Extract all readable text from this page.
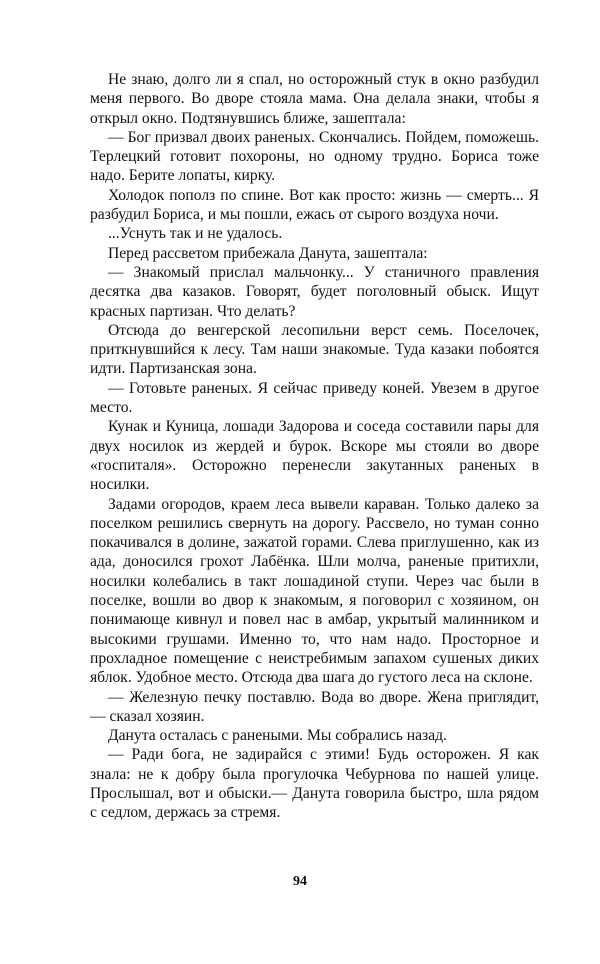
Не знаю, долго ли я спал, но осторожный стук в окно разбудил меня первого. Во дворе стояла мама. Она делала знаки, чтобы я открыл окно. Подтянувшись ближе, зашептала:

— Бог призвал двоих раненых. Скончались. Пойдем, поможешь. Терлецкий готовит похороны, но одному трудно. Бориса тоже надо. Берите лопаты, кирку.

Холодок пополз по спине. Вот как просто: жизнь — смерть... Я разбудил Бориса, и мы пошли, ежась от сырого воздуха ночи.

...Уснуть так и не удалось.

Перед рассветом прибежала Данута, зашептала:

— Знакомый прислал мальчонку... У станичного правления десятка два казаков. Говорят, будет поголовный обыск. Ищут красных партизан. Что делать?

Отсюда до венгерской лесопильни верст семь. Поселочек, приткнувшийся к лесу. Там наши знакомые. Туда казаки побоятся идти. Партизанская зона.

— Готовьте раненых. Я сейчас приведу коней. Увезем в другое место.

Кунак и Куница, лошади Задорова и соседа составили пары для двух носилок из жердей и бурок. Вскоре мы стояли во дворе «госпиталя». Осторожно перенесли закутанных раненых в носилки.

Задами огородов, краем леса вывели караван. Только далеко за поселком решились свернуть на дорогу. Рассвело, но туман сонно покачивался в долине, зажатой горами. Слева приглушенно, как из ада, доносился грохот Лабёнка. Шли молча, раненые притихли, носилки колебались в такт лошадиной ступи. Через час были в поселке, вошли во двор к знакомым, я поговорил с хозяином, он понимающе кивнул и повел нас в амбар, укрытый малинником и высокими грушами. Именно то, что нам надо. Просторное и прохладное помещение с неистребимым запахом сушеных диких яблок. Удобное место. Отсюда два шага до густого леса на склоне.

— Железную печку поставлю. Вода во дворе. Жена приглядит,— сказал хозяин.

Данута осталась с ранеными. Мы собрались назад.

— Ради бога, не задирайся с этими! Будь осторожен. Я как знала: не к добру была прогулочка Чебурнова по нашей улице. Прослышал, вот и обыски.— Данута говорила быстро, шла рядом с седлом, держась за стремя.

94
